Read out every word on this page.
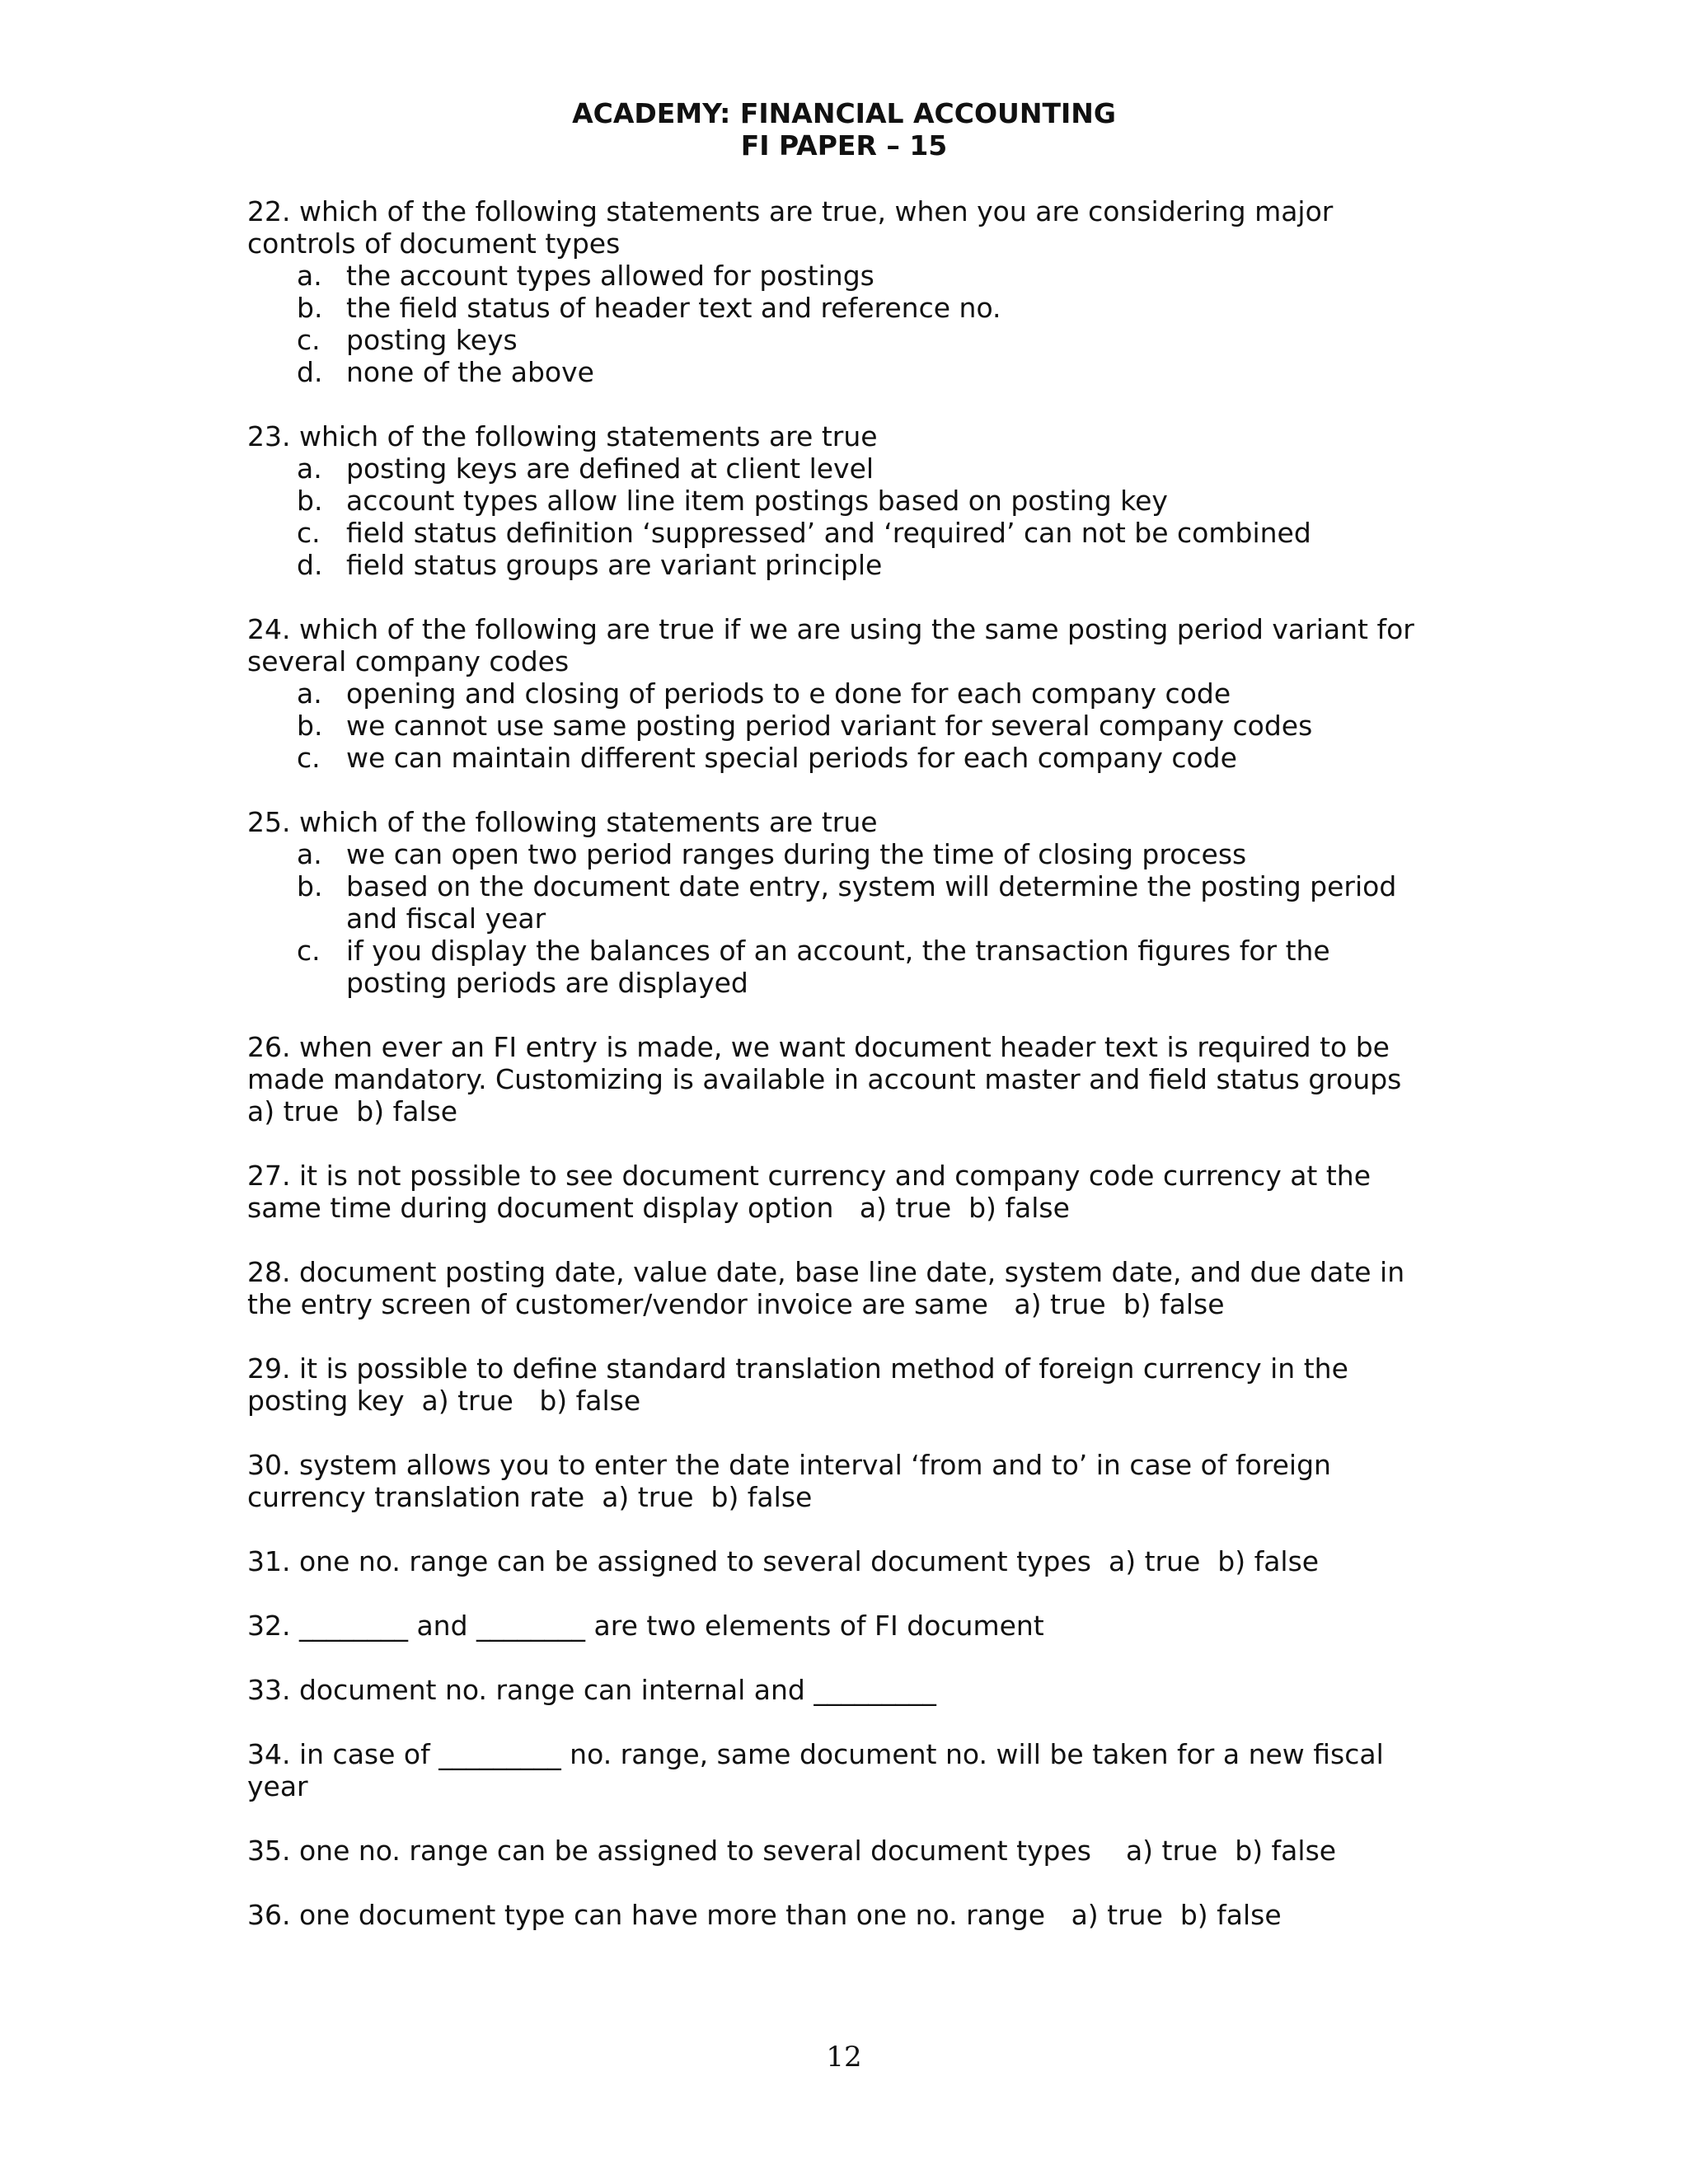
ACADEMY: FINANCIAL ACCOUNTING
FI PAPER – 15
22. which of the following statements are true, when you are considering major
controls of document types
a. the account types allowed for postings
b. the field status of header text and reference no.
c. posting keys
d. none of the above
23. which of the following statements are true
a. posting keys are defined at client level
b. account types allow line item postings based on posting key
c. field status definition ‘suppressed’ and ‘required’ can not be combined
d. field status groups are variant principle
24. which of the following are true if we are using the same posting period variant for
several company codes
a. opening and closing of periods to e done for each company code
b. we cannot use same posting period variant for several company codes
c. we can maintain different special periods for each company code
25. which of the following statements are true
a. we can open two period ranges during the time of closing process
b. based on the document date entry, system will determine the posting period
and fiscal year
c. if you display the balances of an account, the transaction figures for the
posting periods are displayed
26. when ever an FI entry is made, we want document header text is required to be
made mandatory. Customizing is available in account master and field status groups
a) true  b) false
27. it is not possible to see document currency and company code currency at the
same time during document display option   a) true  b) false
28. document posting date, value date, base line date, system date, and due date in
the entry screen of customer/vendor invoice are same   a) true  b) false
29. it is possible to define standard translation method of foreign currency in the
posting key  a) true   b) false
30. system allows you to enter the date interval ‘from and to’ in case of foreign
currency translation rate  a) true  b) false
31. one no. range can be assigned to several document types  a) true  b) false
32. ________ and ________ are two elements of FI document
33. document no. range can internal and _________
34. in case of _________ no. range, same document no. will be taken for a new fiscal
year
35. one no. range can be assigned to several document types    a) true  b) false
36. one document type can have more than one no. range   a) true  b) false
12
